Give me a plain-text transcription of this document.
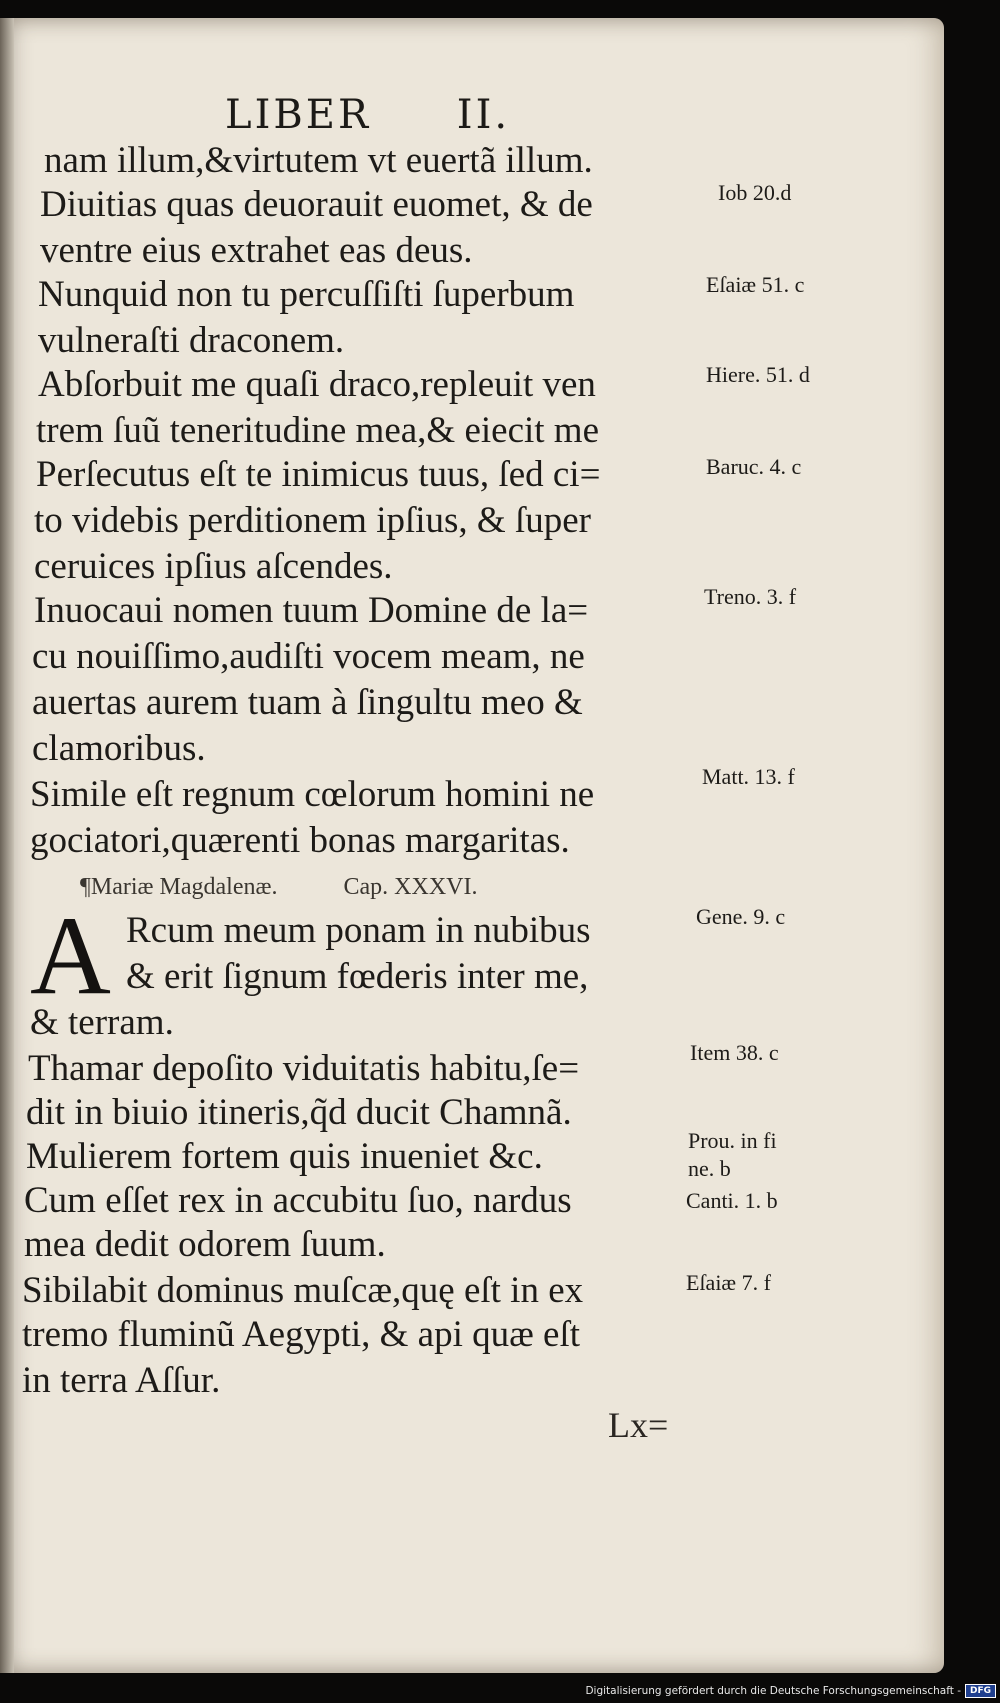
LIBER II.
nam illum,&virtutem vt euertã illum.
Diuitias quas deuorauit euomet, & de
ventre eius extrahet eas deus.
Nunquid non tu percuſſiſti ſuperbum
vulneraſti draconem.
Abſorbuit me quaſi draco,repleuit ven
trem ſuũ teneritudine mea,& eiecit me
Perſecutus eſt te inimicus tuus, ſed ci=
to videbis perditionem ipſius, & ſuper
ceruices ipſius aſcendes.
Inuocaui nomen tuum Domine de la=
cu nouiſſimo,audiſti vocem meam, ne
auertas aurem tuam à ſingultu meo &
clamoribus.
Simile eſt regnum cœlorum homini ne
gociatori,quærenti bonas margaritas.
¶Mariæ Magdalenæ.	Cap. XXXVI.
A Rcum meum ponam in nubibus
& erit ſignum fœderis inter me,
& terram.
Thamar depoſito viduitatis habitu,ſe=
dit in biuio itineris,q̃d ducit Chamnã.
Mulierem fortem quis inueniet &c.
Cum eſſet rex in accubitu ſuo, nardus
mea dedit odorem ſuum.
Sibilabit dominus muſcæ,quę eſt in ex
tremo fluminũ Aegypti, & api quæ eſt
in terra Aſſur.
Iob 20.d
Eſaiæ 51. c
Hiere. 51. d
Baruc. 4. c
Treno. 3. f
Matt. 13. f
Gene. 9. c
Item 38. c
Prou. in fi
ne. b
Canti. 1. b
Eſaiæ 7. f
Lx=
Digitalisierung gefördert durch die Deutsche Forschungsgemeinschaft -	DFG
